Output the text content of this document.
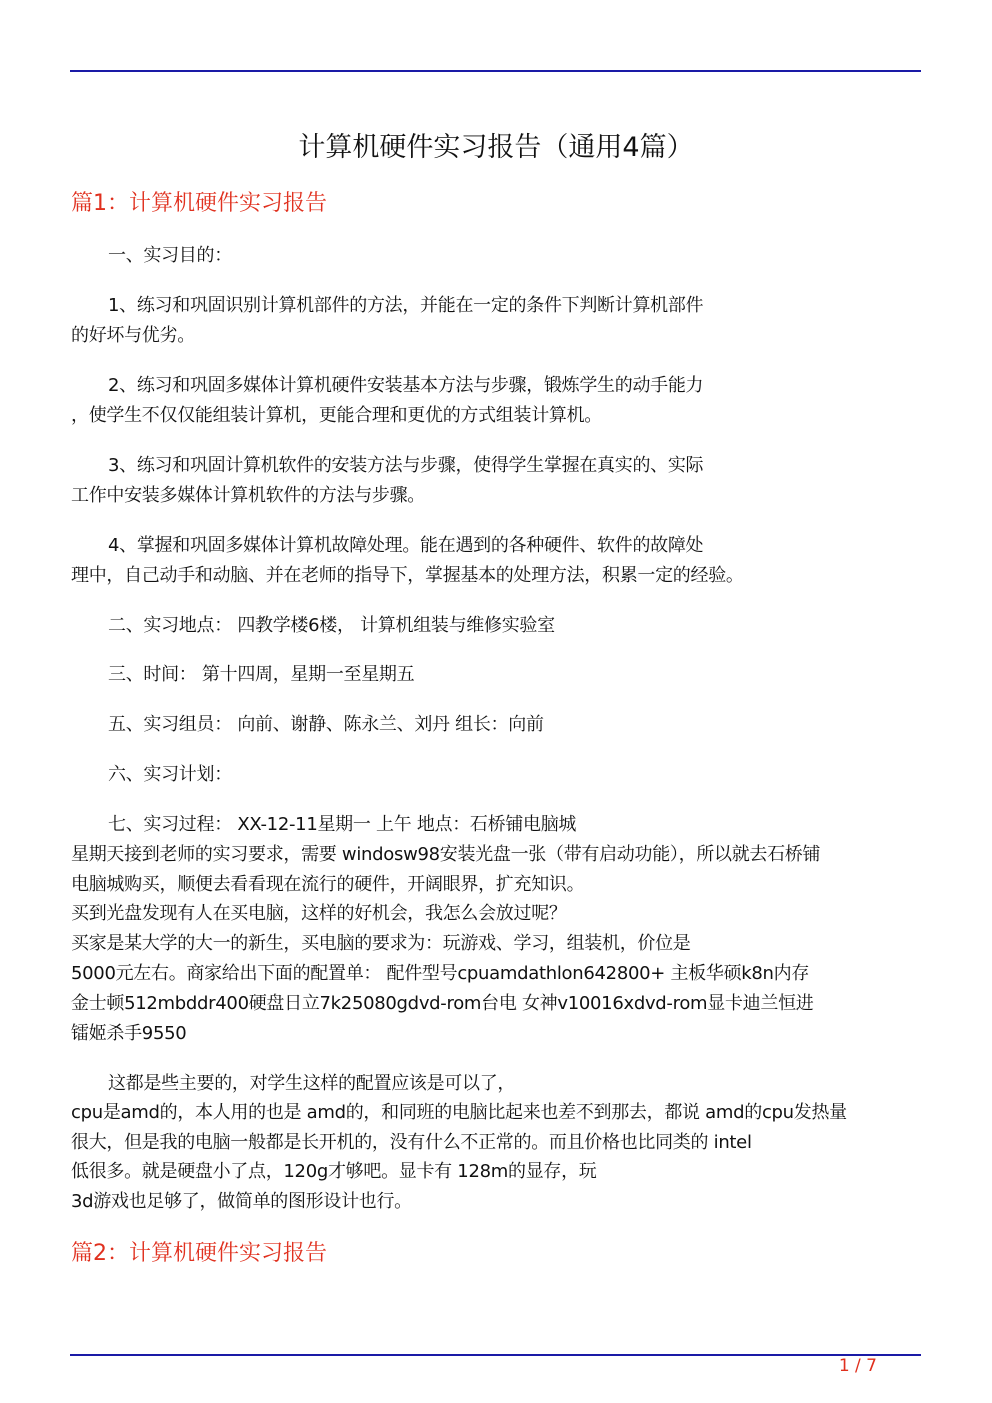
计算机硬件实习报告（通用4篇）
篇1：计算机硬件实习报告
一、实习目的：
1、练习和巩固识别计算机部件的方法，并能在一定的条件下判断计算机部件
的好坏与优劣。
2、练习和巩固多媒体计算机硬件安装基本方法与步骤，锻炼学生的动手能力
，使学生不仅仅能组装计算机，更能合理和更优的方式组装计算机。
3、练习和巩固计算机软件的安装方法与步骤，使得学生掌握在真实的、实际
工作中安装多媒体计算机软件的方法与步骤。
4、掌握和巩固多媒体计算机故障处理。能在遇到的各种硬件、软件的故障处
理中，自己动手和动脑、并在老师的指导下，掌握基本的处理方法，积累一定的经验。
二、实习地点： 四教学楼6楼， 计算机组装与维修实验室
三、时间： 第十四周，星期一至星期五
五、实习组员： 向前、谢静、陈永兰、刘丹 组长：向前
六、实习计划：
七、实习过程： XX-12-11星期一 上午 地点：石桥铺电脑城
星期天接到老师的实习要求，需要 windosw98安装光盘一张（带有启动功能），所以就去石桥铺
电脑城购买，顺便去看看现在流行的硬件，开阔眼界，扩充知识。
买到光盘发现有人在买电脑，这样的好机会，我怎么会放过呢？
买家是某大学的大一的新生，买电脑的要求为：玩游戏、学习，组装机，价位是
5000元左右。商家给出下面的配置单： 配件型号cpuamdathlon642800+ 主板华硕k8n内存
金士顿512mbddr400硬盘日立7k25080gdvd-rom台电 女神v10016xdvd-rom显卡迪兰恒进
镭姬杀手9550
这都是些主要的，对学生这样的配置应该是可以了，
cpu是amd的，本人用的也是 amd的，和同班的电脑比起来也差不到那去，都说 amd的cpu发热量
很大，但是我的电脑一般都是长开机的，没有什么不正常的。而且价格也比同类的 intel
低很多。就是硬盘小了点，120g才够吧。显卡有 128m的显存，玩
3d游戏也足够了，做简单的图形设计也行。
篇2：计算机硬件实习报告
1 / 7
